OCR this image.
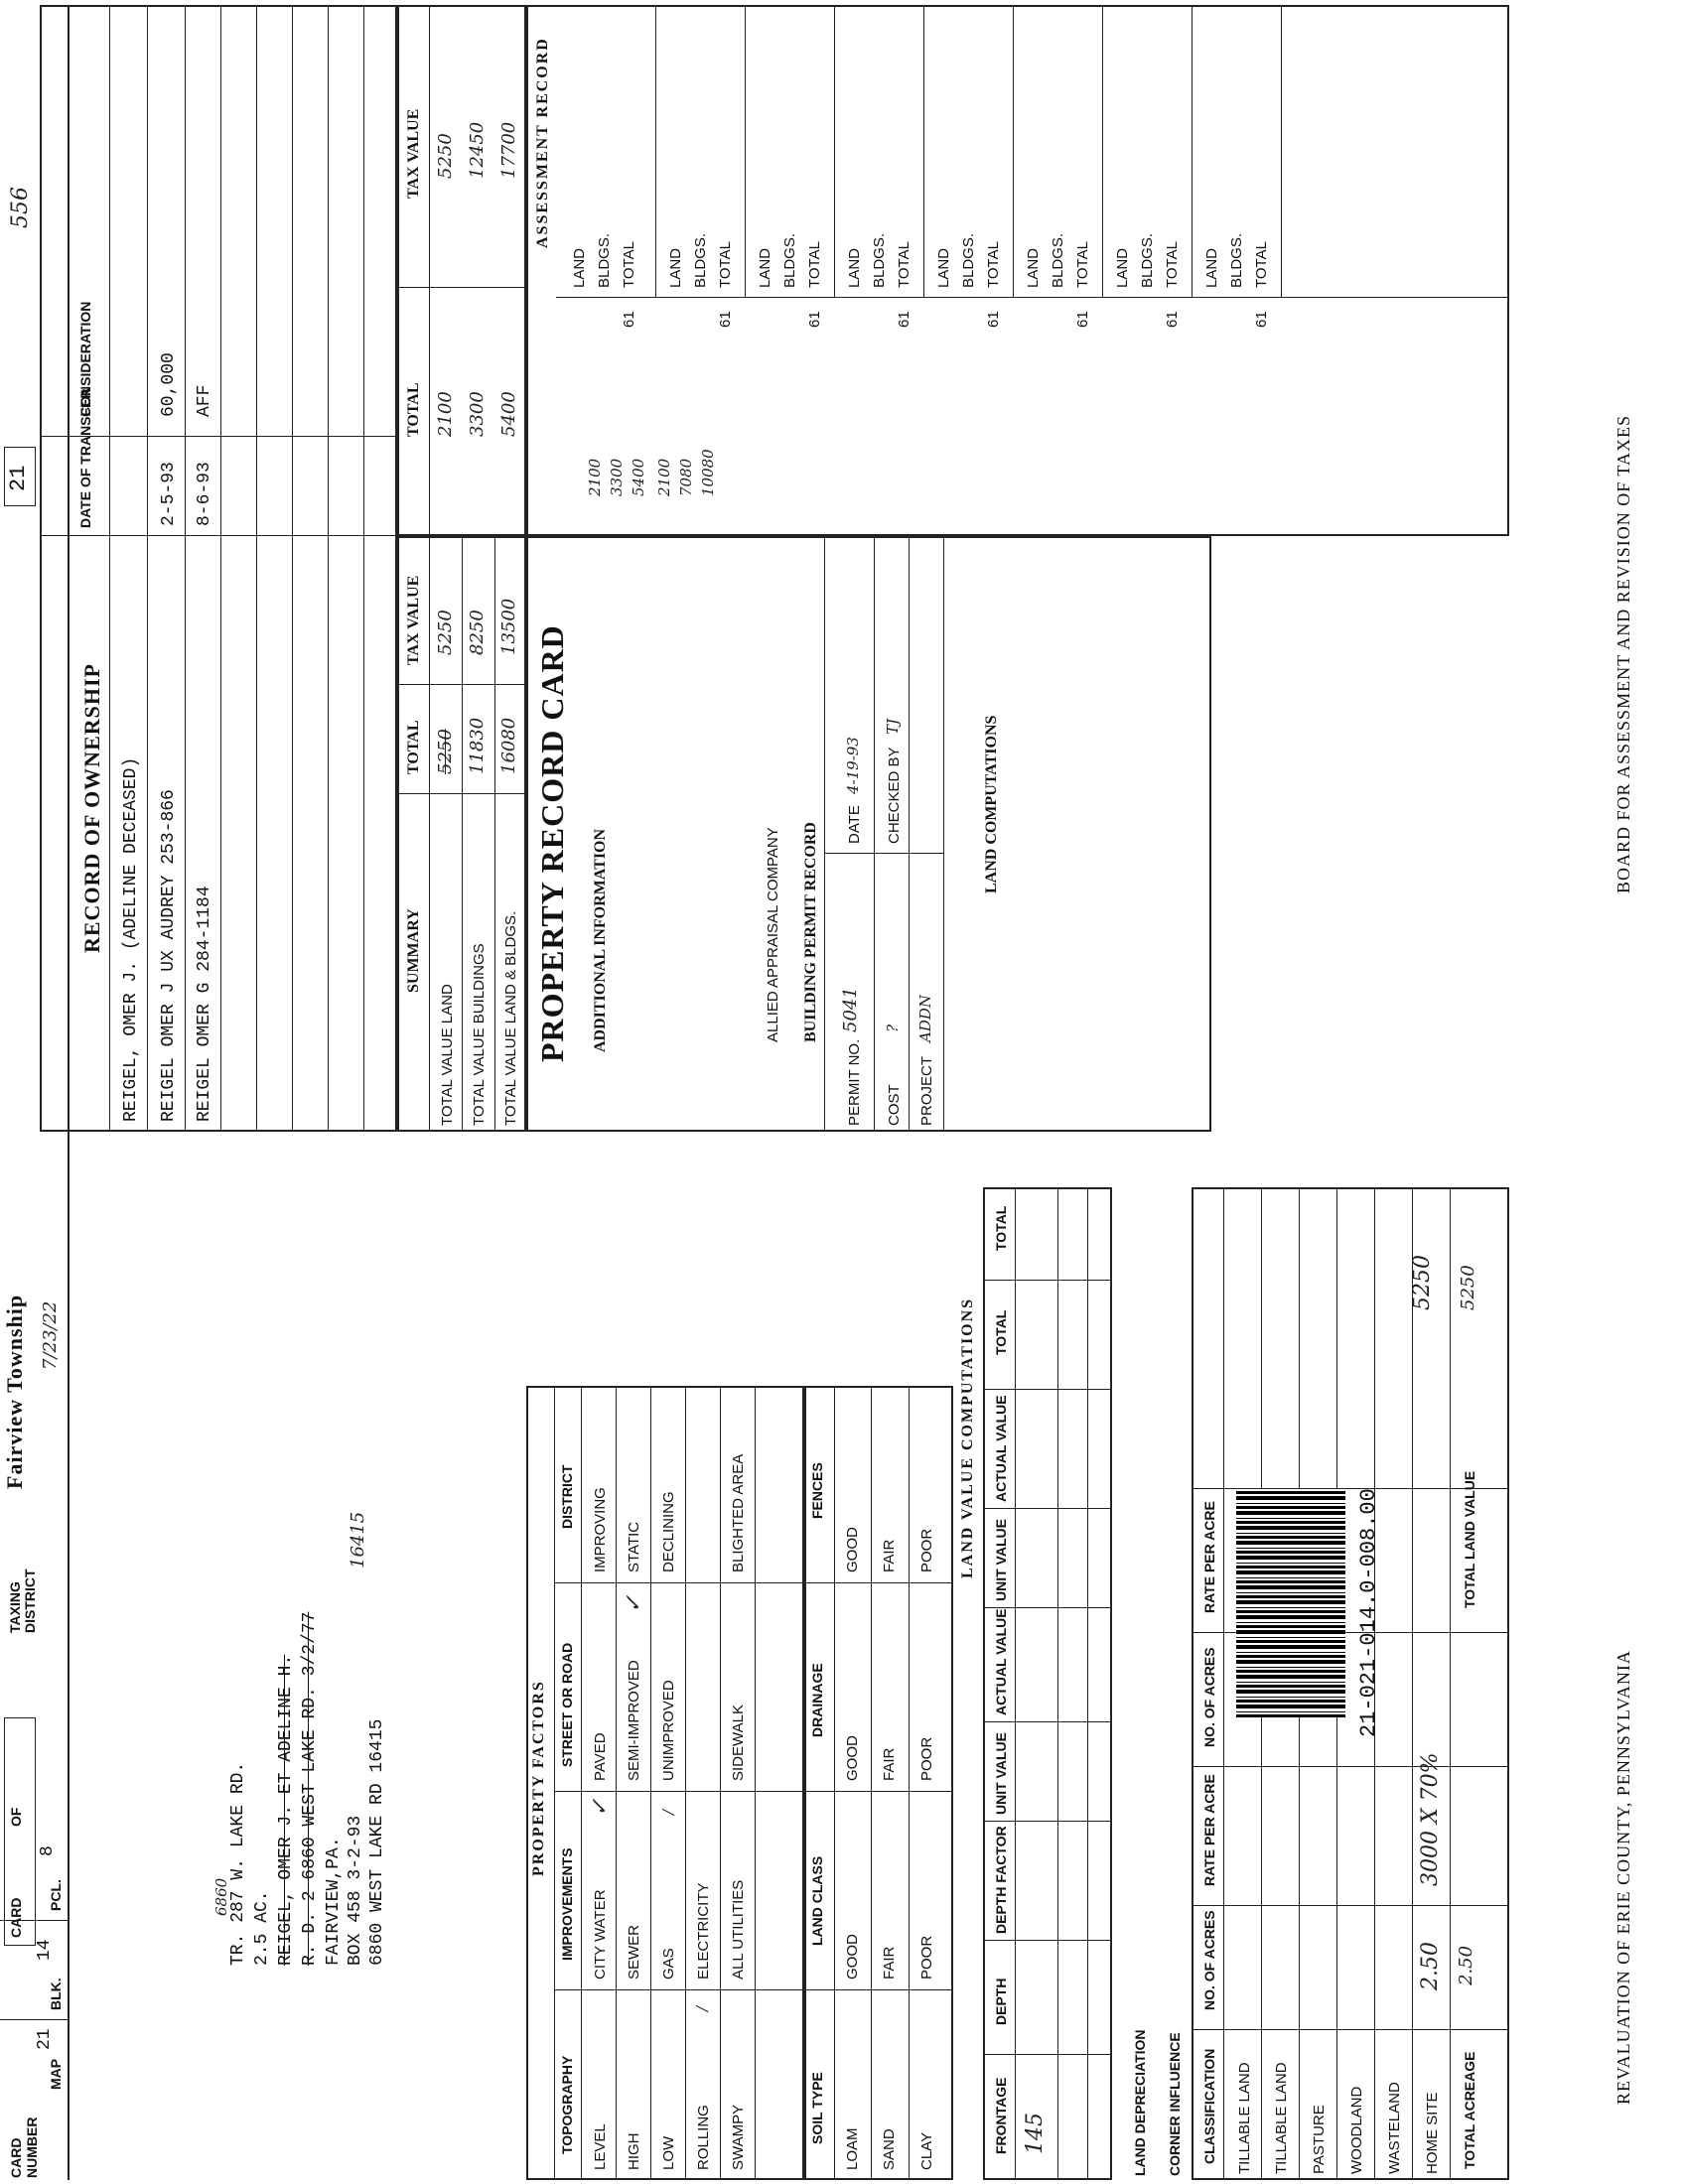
CARD NUMBER
MAP
21
BLK.
14
PCL.
8
CARD
OF
TAXING DISTRICT
Fairview Township 7/23/22
21
556
TR. 287 W. LAKE RD.
6860 2.5 AC. REIGEL, OMER J. ET ADELINE H. R. D. 2 6860 WEST LAKE RD. 3/2/77 FAIRVIEW,PA. BOX 458 3-2-93 6860 WEST LAKE RD 16415
16415
PROPERTY FACTORS
TOPOGRAPHY
IMPROVEMENTS
STREET OR ROAD
DISTRICT
LEVEL
CITY WATER
PAVED
IMPROVING
HIGH
SEWER
SEMI-IMPROVED
STATIC
LOW
GAS
UNIMPROVED
DECLINING
ROLLING
ELECTRICITY
SWAMPY
ALL UTILITIES
SIDEWALK
BLIGHTED AREA
✓
✓
/
/
SOIL TYPE
LAND CLASS
DRAINAGE
FENCES
LOAM
GOOD
GOOD
GOOD
SAND
FAIR
FAIR
FAIR
CLAY
POOR
POOR
POOR LAND VALUE COMPUTATIONS
FRONTAGE
DEPTH
DEPTH FACTOR
UNIT VALUE
ACTUAL VALUE
UNIT VALUE
ACTUAL VALUE
TOTAL
TOTAL
145	LAND DEPRECIATION CORNER INFLUENCE CLASSIFICATION
NO. OF ACRES
RATE PER ACRE
NO. OF ACRES
RATE PER ACRE
TILLABLE LAND TILLABLE LAND PASTURE WOODLAND WASTELAND HOME SITE
2.50
3000 X 70%
5250
TOTAL ACREAGE
2.50
TOTAL LAND VALUE
5250
21-021-014.0-008.00
RECORD OF OWNERSHIP
DATE OF TRANSFER
CONSIDERATION
REIGEL, OMER J. (ADELINE DECEASED) REIGEL OMER J UX AUDREY 253-866
2-5-93
60,000
REIGEL OMER G 284-1184
8-6-93
AFF
SUMMARY
TOTAL
TAX VALUE
TOTAL VALUE LAND
5250
5250
TOTAL VALUE BUILDINGS
11830
8250
TOTAL VALUE LAND & BLDGS.
16080
13500
TOTAL
TAX VALUE
2100 3300 5400
5250 12450 17700
PROPERTY RECORD CARD ADDITIONAL INFORMATION	ALLIED APPRAISAL COMPANY BUILDING PERMIT RECORD
PERMIT NO.
5041
DATE
4-19-93
COST
?
CHECKED BY
TJ
PROJECT
ADDN
LAND COMPUTATIONS
ASSESSMENT RECORD
2100 3300 5400 2100 7080 10080
LAND BLDGS. TOTAL
61
LAND BLDGS. TOTAL
61
LAND BLDGS. TOTAL
61
LAND BLDGS. TOTAL
61
LAND BLDGS. TOTAL
61
LAND BLDGS. TOTAL
61
LAND BLDGS. TOTAL
61
LAND BLDGS. TOTAL
61
REVALUATION OF ERIE COUNTY, PENNSYLVANIA
BOARD FOR ASSESSMENT AND REVISION OF TAXES
